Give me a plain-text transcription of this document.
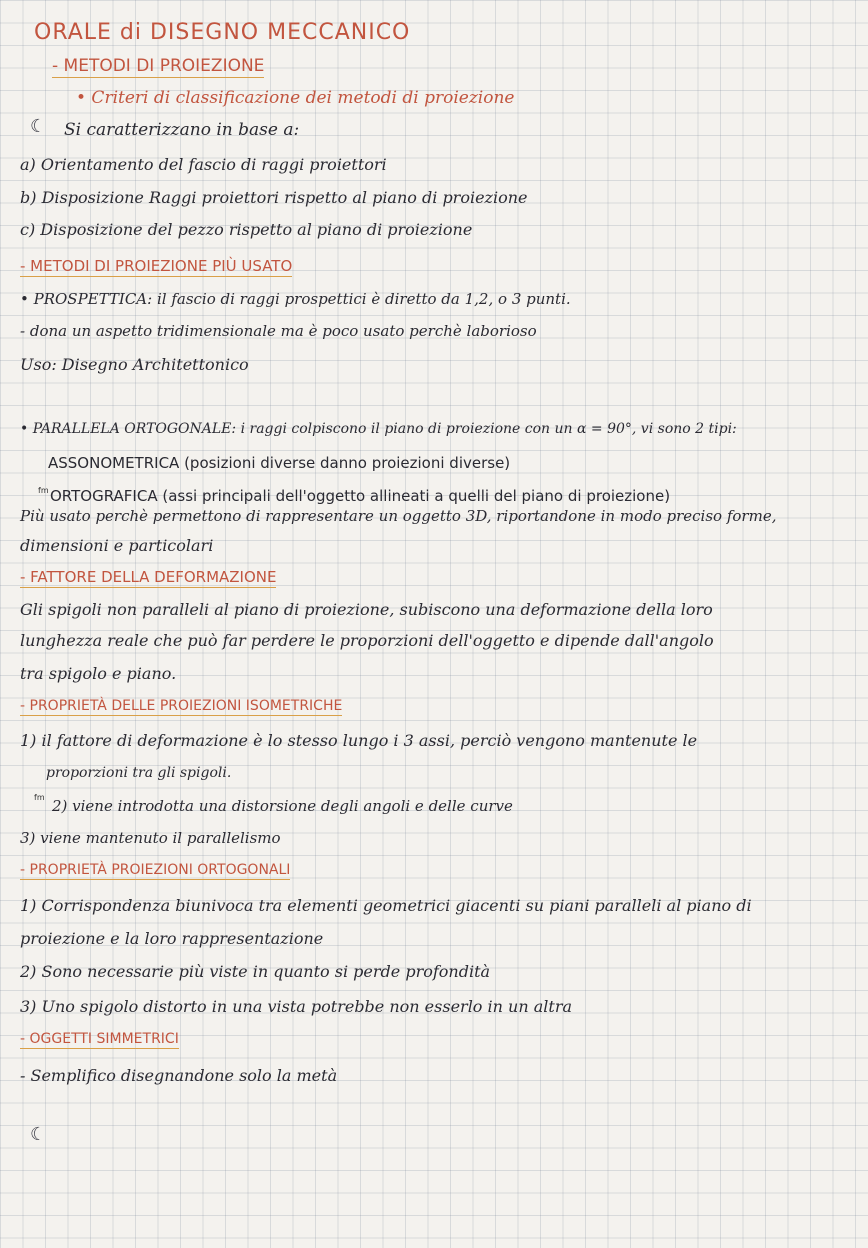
ORALE di DISEGNO MECCANICO
- METODI DI PROIEZIONE
• Criteri di classificazione dei metodi di proiezione
☾ Si caratterizzano in base a:
a) Orientamento del fascio di raggi proiettori
b) Disposizione Raggi proiettori rispetto al piano di proiezione
c) Disposizione del pezzo rispetto al piano di proiezione
- METODI DI PROIEZIONE PIÙ USATO
• PROSPETTICA: il fascio di raggi prospettici è diretto da 1,2, o 3 punti.
- dona un aspetto tridimensionale ma è poco usato perchè laborioso
Uso: Disegno Architettonico
• PARALLELA ORTOGONALE: i raggi colpiscono il piano di proiezione con un α = 90°, vi sono 2 tipi:
ASSONOMETRICA (posizioni diverse danno proiezioni diverse)
fm ORTOGRAFICA (assi principali dell'oggetto allineati a quelli del piano di proiezione)
Più usato perchè permettono di rappresentare un oggetto 3D, riportandone in modo preciso forme,
dimensioni e particolari
- FATTORE DELLA DEFORMAZIONE
Gli spigoli non paralleli al piano di proiezione, subiscono una deformazione della loro
lunghezza reale che può far perdere le proporzioni dell'oggetto e dipende dall'angolo
tra spigolo e piano.
- PROPRIETÀ DELLE PROIEZIONI ISOMETRICHE
1) il fattore di deformazione è lo stesso lungo i 3 assi, perciò vengono mantenute le
proporzioni tra gli spigoli.
fm 2) viene introdotta una distorsione degli angoli e delle curve
3) viene mantenuto il parallelismo
- PROPRIETÀ PROIEZIONI ORTOGONALI
1) Corrispondenza biunivoca tra elementi geometrici giacenti su piani paralleli al piano di
proiezione e la loro rappresentazione
2) Sono necessarie più viste in quanto si perde profondità
3) Uno spigolo distorto in una vista potrebbe non esserlo in un altra
- OGGETTI SIMMETRICI
- Semplifico disegnandone solo la metà
☾
